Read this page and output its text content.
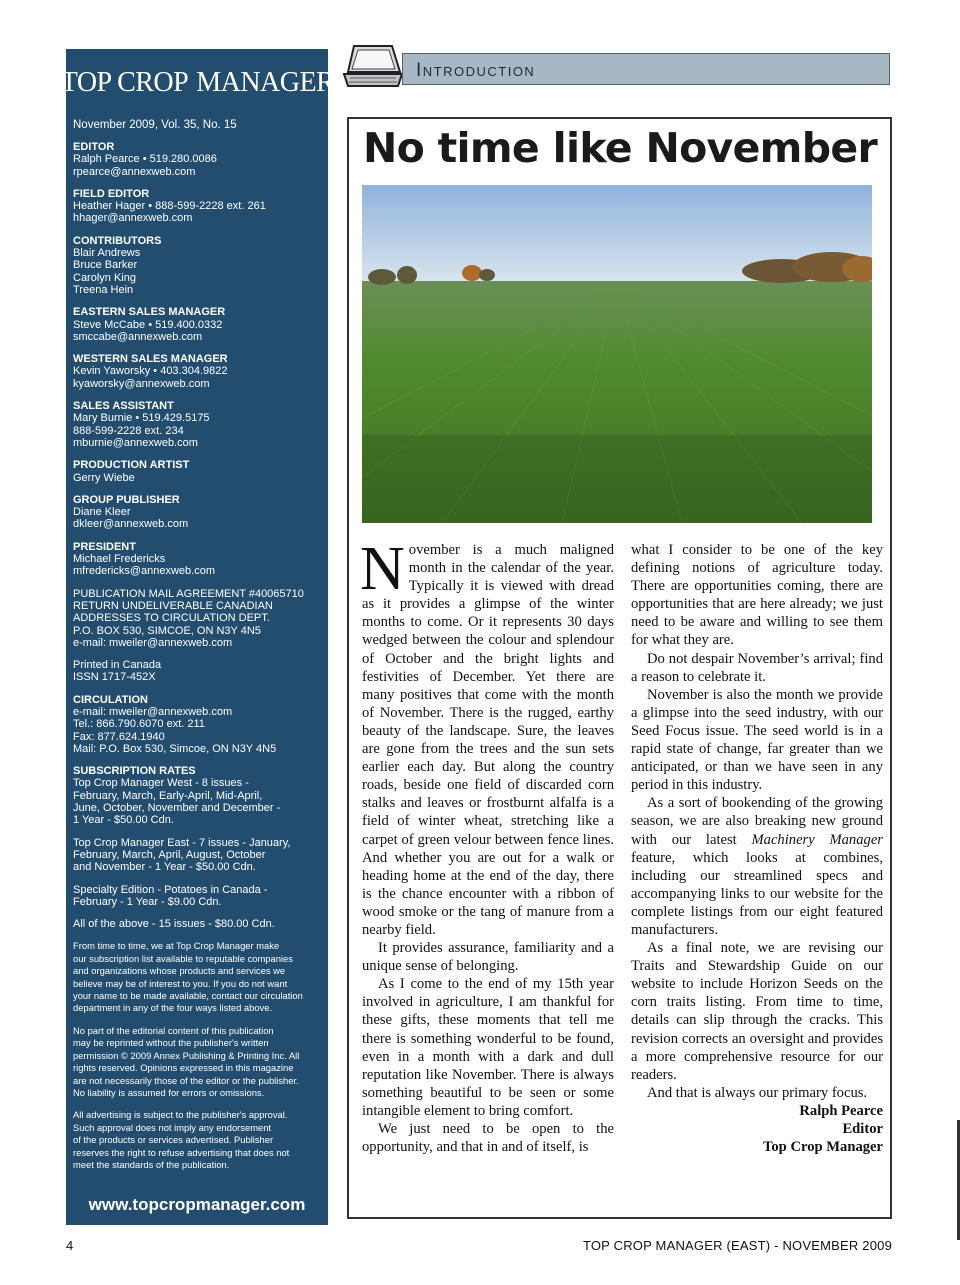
TOP CROP MANAGER
November 2009, Vol. 35, No. 15
EDITOR
Ralph Pearce • 519.280.0086
rpearce@annexweb.com
FIELD EDITOR
Heather Hager • 888-599-2228 ext. 261
hhager@annexweb.com
CONTRIBUTORS
Blair Andrews
Bruce Barker
Carolyn King
Treena Hein
EASTERN SALES MANAGER
Steve McCabe • 519.400.0332
smccabe@annexweb.com
WESTERN SALES MANAGER
Kevin Yaworsky • 403.304.9822
kyaworsky@annexweb.com
SALES ASSISTANT
Mary Burnie • 519.429.5175
888-599-2228 ext. 234
mburnie@annexweb.com
PRODUCTION ARTIST
Gerry Wiebe
GROUP PUBLISHER
Diane Kleer
dkleer@annexweb.com
PRESIDENT
Michael Fredericks
mfredericks@annexweb.com
PUBLICATION MAIL AGREEMENT #40065710
RETURN UNDELIVERABLE CANADIAN
ADDRESSES TO CIRCULATION DEPT.
P.O. BOX 530, SIMCOE, ON N3Y 4N5
e-mail: mweiler@annexweb.com
Printed in Canada
ISSN 1717-452X
CIRCULATION
e-mail: mweiler@annexweb.com
Tel.: 866.790.6070 ext. 211
Fax: 877.624.1940
Mail: P.O. Box 530, Simcoe, ON N3Y 4N5
SUBSCRIPTION RATES
Top Crop Manager West - 8 issues -
February, March, Early-April, Mid-April,
June, October, November and December -
1 Year - $50.00 Cdn.
Top Crop Manager East - 7 issues - January,
February, March, April, August, October
and November - 1 Year - $50.00 Cdn.
Specialty Edition - Potatoes in Canada -
February - 1 Year - $9.00 Cdn.
All of the above - 15 issues - $80.00 Cdn.
From time to time, we at Top Crop Manager make
our subscription list available to reputable companies
and organizations whose products and services we
believe may be of interest to you. If you do not want
your name to be made available, contact our circulation
department in any of the four ways listed above.
No part of the editorial content of this publication
may be reprinted without the publisher's written
permission © 2009 Annex Publishing & Printing Inc. All
rights reserved. Opinions expressed in this magazine
are not necessarily those of the editor or the publisher.
No liability is assumed for errors or omissions.
All advertising is subject to the publisher's approval.
Such approval does not imply any endorsement
of the products or services advertised. Publisher
reserves the right to refuse advertising that does not
meet the standards of the publication.
www.topcropmanager.com
Introduction
No time like November

November is a much maligned month in the calendar of the year. Typically it is viewed with dread as it provides a glimpse of the winter months to come. Or it represents 30 days wedged between the colour and splendour of October and the bright lights and festivities of December. Yet there are many positives that come with the month of November. There is the rugged, earthy beauty of the landscape. Sure, the leaves are gone from the trees and the sun sets earlier each day. But along the country roads, beside one field of discarded corn stalks and leaves or frostburnt alfalfa is a field of winter wheat, stretching like a carpet of green velour between fence lines. And whether you are out for a walk or heading home at the end of the day, there is the chance encounter with a ribbon of wood smoke or the tang of manure from a nearby field.

It provides assurance, familiarity and a unique sense of belonging.

As I come to the end of my 15th year involved in agriculture, I am thankful for these gifts, these moments that tell me there is something wonderful to be found, even in a month with a dark and dull reputation like November. There is always something beautiful to be seen or some intangible element to bring comfort.

We just need to be open to the opportunity, and that in and of itself, is

what I consider to be one of the key defining notions of agriculture today. There are opportunities coming, there are opportunities that are here already; we just need to be aware and willing to see them for what they are.

Do not despair November’s arrival; find a reason to celebrate it.

November is also the month we provide a glimpse into the seed industry, with our Seed Focus issue. The seed world is in a rapid state of change, far greater than we anticipated, or than we have seen in any period in this industry.

As a sort of bookending of the growing season, we are also breaking new ground with our latest Machinery Manager feature, which looks at combines, including our streamlined specs and accompanying links to our website for the complete listings from our eight featured manufacturers.

As a final note, we are revising our Traits and Stewardship Guide on our website to include Horizon Seeds on the corn traits listing. From time to time, details can slip through the cracks. This revision corrects an oversight and provides a more comprehensive resource for our readers.

And that is always our primary focus.

Ralph Pearce

Editor

Top Crop Manager

4	TOP CROP MANAGER (EAST) - NOVEMBER 2009
